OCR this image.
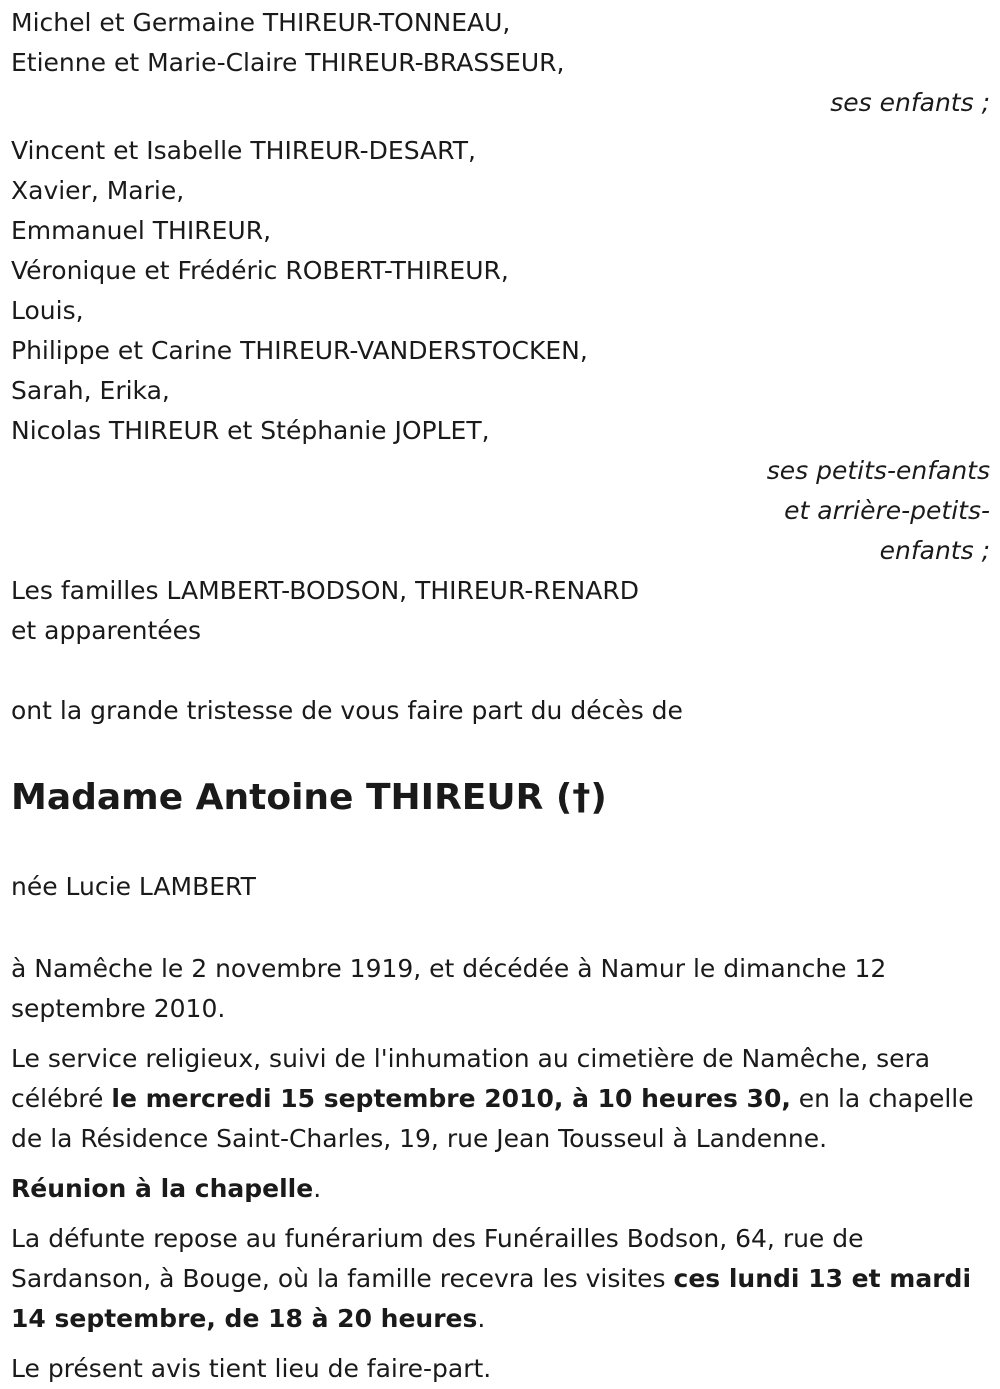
Michel et Germaine THIREUR-TONNEAU,
Etienne et Marie-Claire THIREUR-BRASSEUR,
ses enfants ;
Vincent et Isabelle THIREUR-DESART,
Xavier, Marie,
Emmanuel THIREUR,
Véronique et Frédéric ROBERT-THIREUR,
Louis,
Philippe et Carine THIREUR-VANDERSTOCKEN,
Sarah, Erika,
Nicolas THIREUR et Stéphanie JOPLET,
ses petits-enfants
et arrière-petits-
enfants ;
Les familles LAMBERT-BODSON, THIREUR-RENARD
et apparentées
ont la grande tristesse de vous faire part du décès de
Madame Antoine THIREUR (†)
née Lucie LAMBERT

à Namêche le 2 novembre 1919, et décédée à Namur le dimanche 12 septembre 2010.

Le service religieux, suivi de l'inhumation au cimetière de Namêche, sera célébré le mercredi 15 septembre 2010, à 10 heures 30, en la chapelle de la Résidence Saint-Charles, 19, rue Jean Tousseul à Landenne.

Réunion à la chapelle.

La défunte repose au funérarium des Funérailles Bodson, 64, rue de Sardanson, à Bouge, où la famille recevra les visites ces lundi 13 et mardi 14 septembre, de 18 à 20 heures.

Le présent avis tient lieu de faire-part.
